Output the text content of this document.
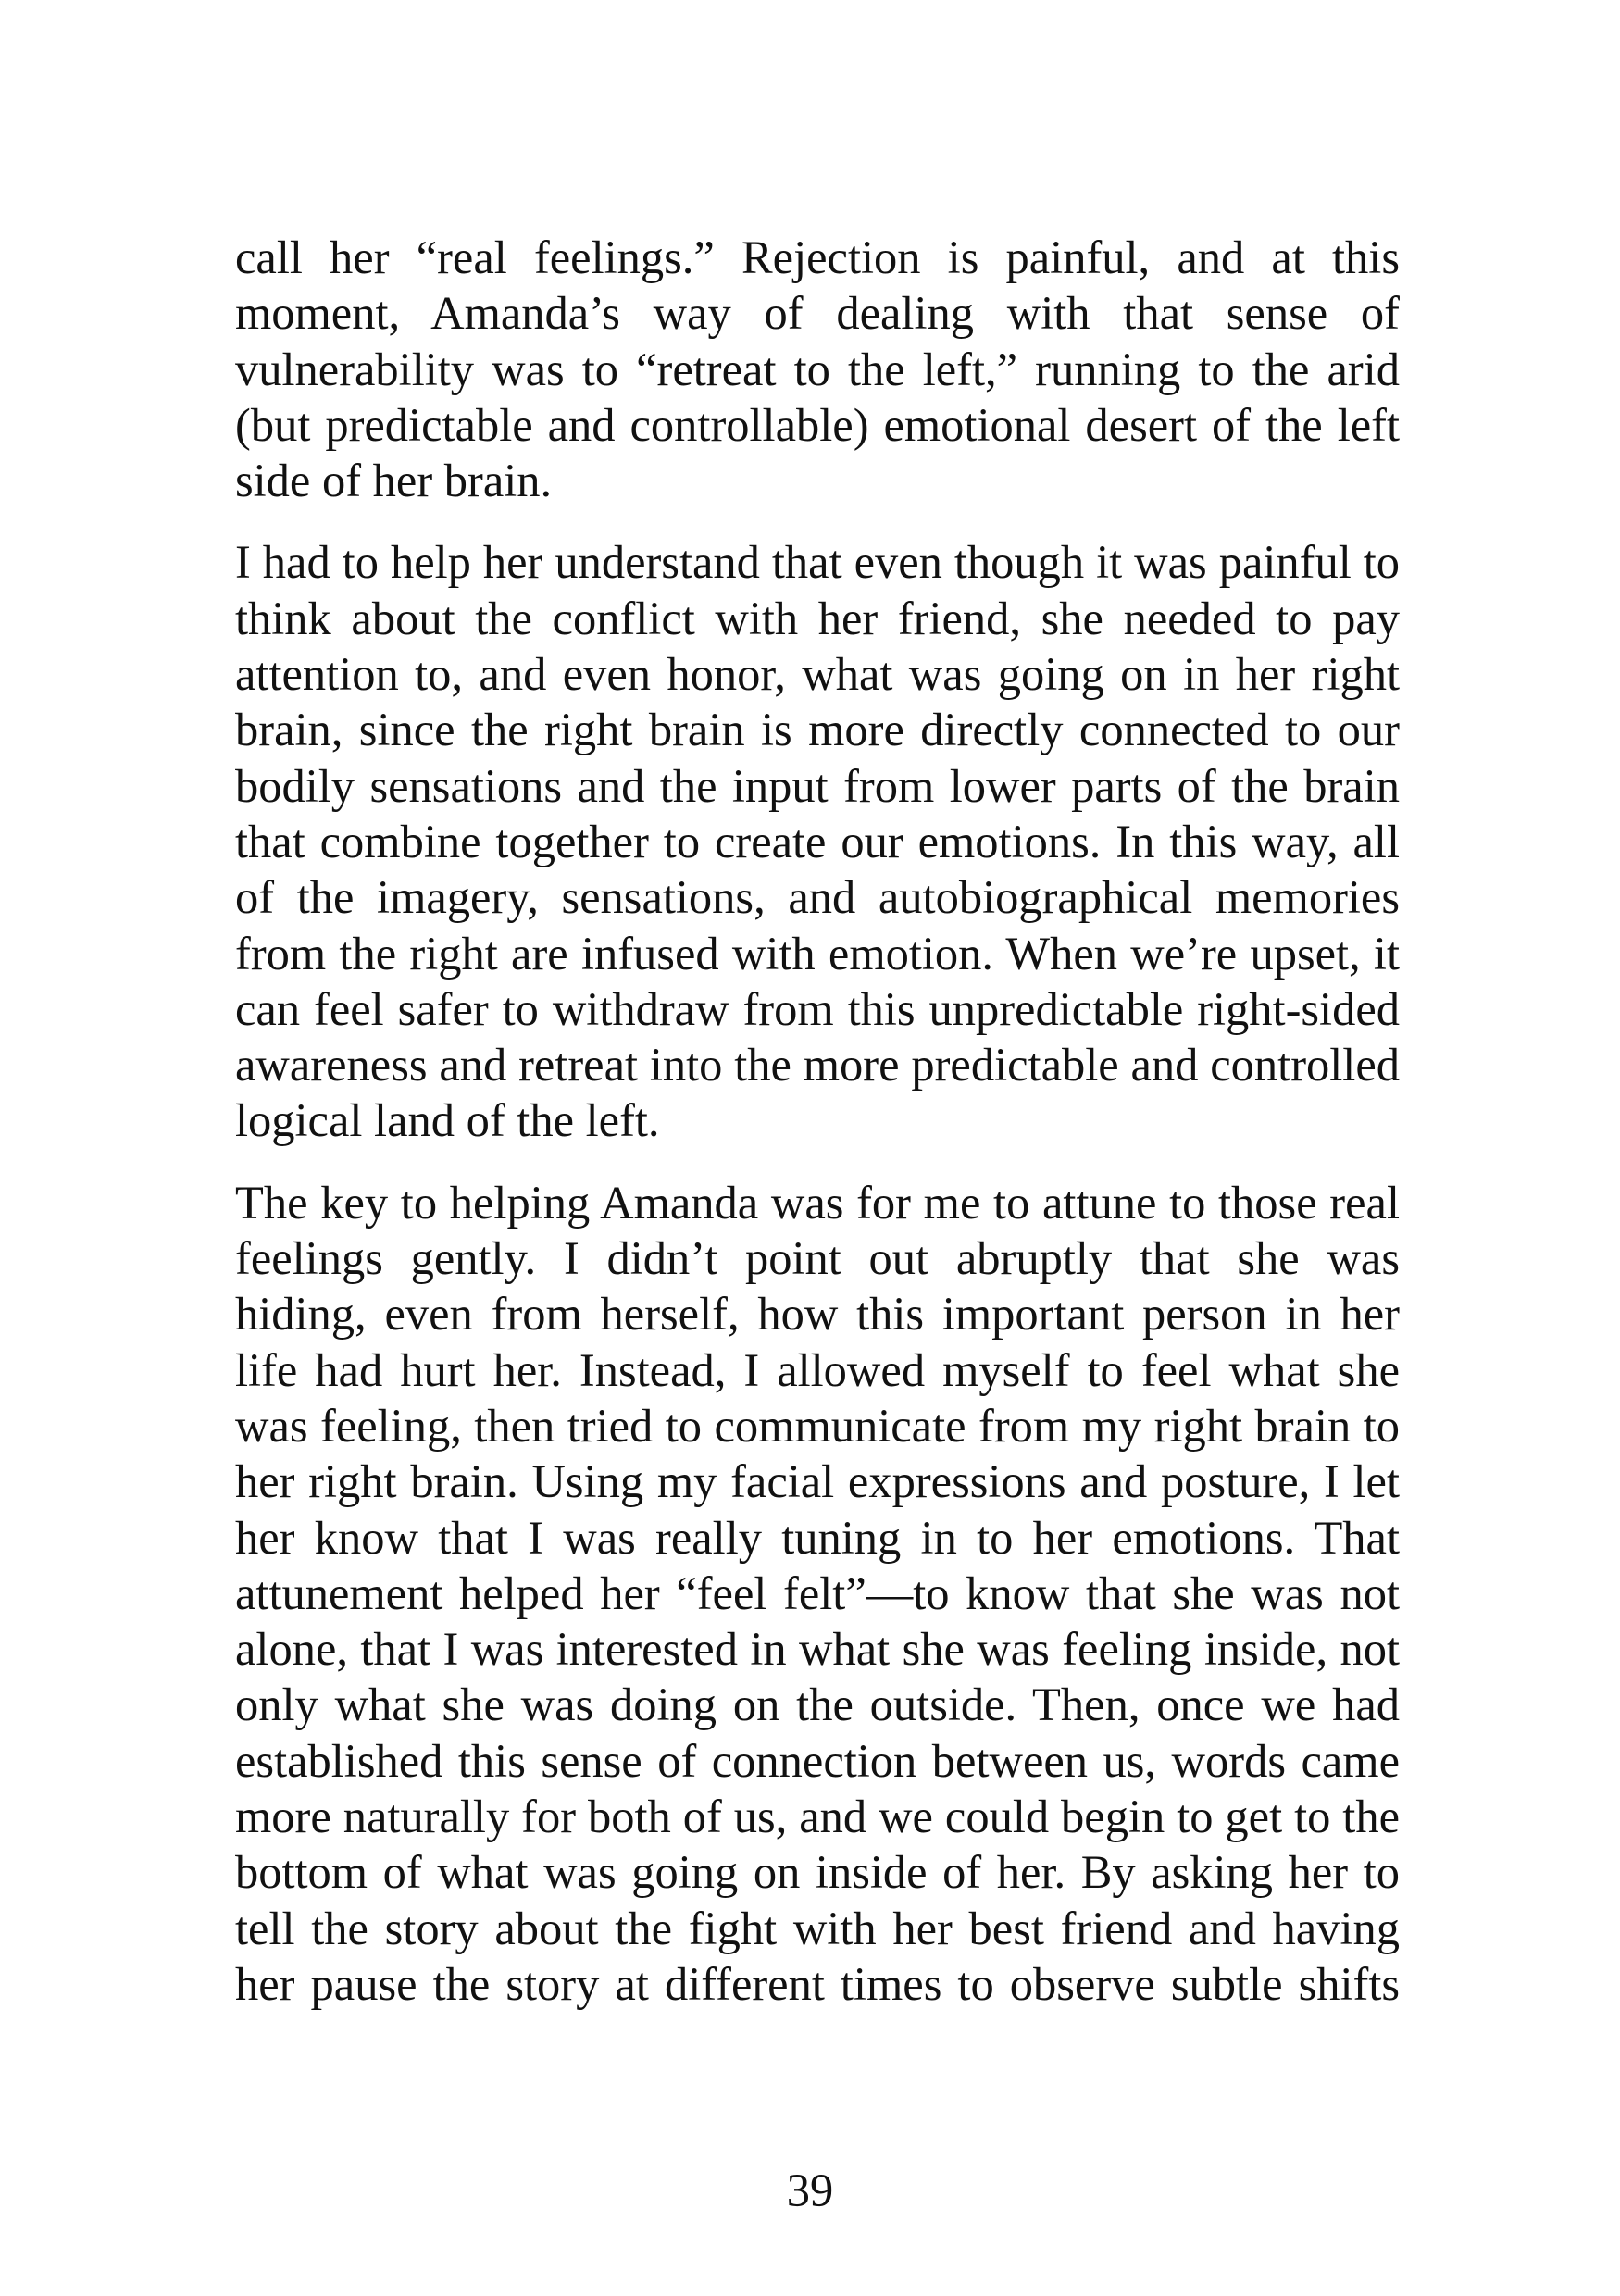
call her “real feelings.” Rejection is painful, and at this moment, Amanda’s way of dealing with that sense of vulnerability was to “retreat to the left,” running to the arid (but predictable and controllable) emotional desert of the left side of her brain.

I had to help her understand that even though it was painful to think about the conflict with her friend, she needed to pay attention to, and even honor, what was going on in her right brain, since the right brain is more directly connected to our bodily sensations and the input from lower parts of the brain that combine together to create our emotions. In this way, all of the imagery, sensations, and autobiographical memories from the right are infused with emotion. When we’re upset, it can feel safer to withdraw from this unpredictable right-sided awareness and retreat into the more predictable and controlled logical land of the left.

The key to helping Amanda was for me to attune to those real feelings gently. I didn’t point out abruptly that she was hiding, even from herself, how this important person in her life had hurt her. Instead, I allowed myself to feel what she was feeling, then tried to communicate from my right brain to her right brain. Using my facial expressions and posture, I let her know that I was really tuning in to her emotions. That attunement helped her “feel felt”—to know that she was not alone, that I was interested in what she was feeling inside, not only what she was doing on the outside. Then, once we had established this sense of connection between us, words came more naturally for both of us, and we could begin to get to the bottom of what was going on inside of her. By asking her to tell the story about the fight with her best friend and having her pause the story at different times to observe subtle shifts

39
